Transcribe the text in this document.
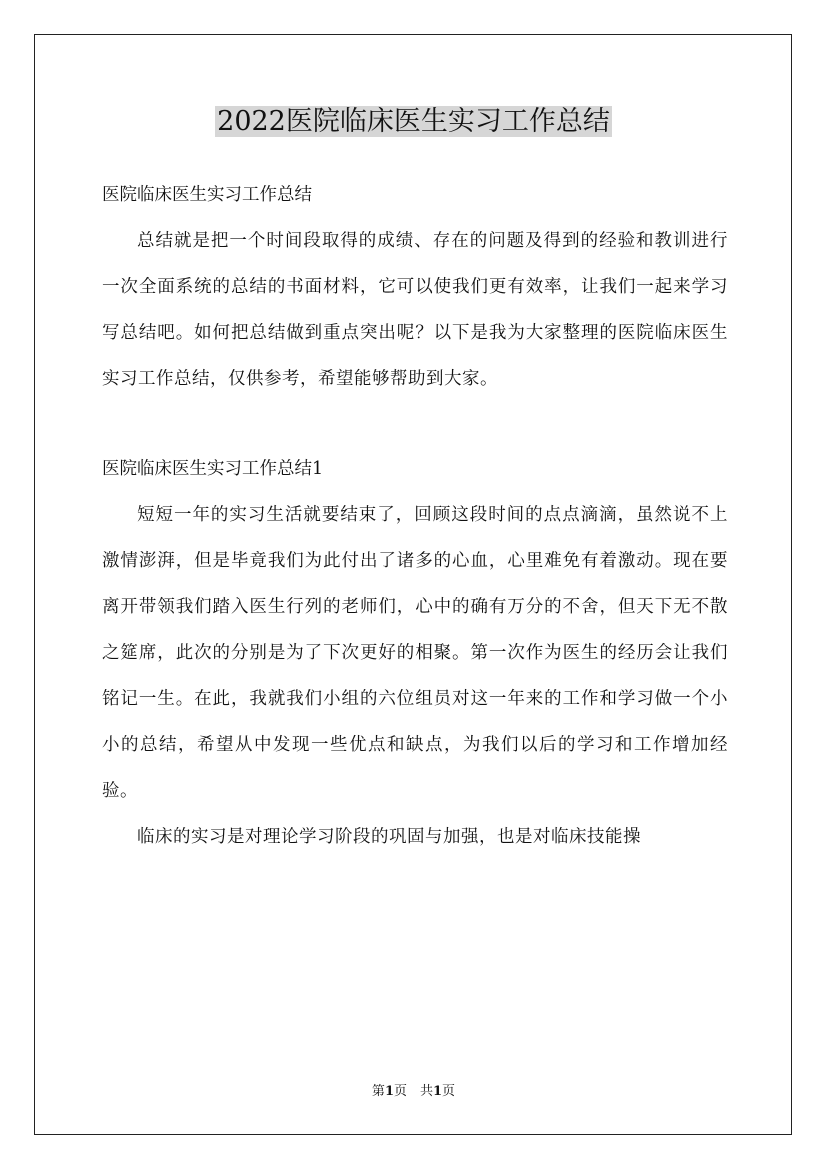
2022医院临床医生实习工作总结
医院临床医生实习工作总结

总结就是把一个时间段取得的成绩、存在的问题及得到的经验和教训进行一次全面系统的总结的书面材料，它可以使我们更有效率，让我们一起来学习写总结吧。如何把总结做到重点突出呢？以下是我为大家整理的医院临床医生实习工作总结，仅供参考，希望能够帮助到大家。

医院临床医生实习工作总结1

短短一年的实习生活就要结束了，回顾这段时间的点点滴滴，虽然说不上激情澎湃，但是毕竟我们为此付出了诸多的心血，心里难免有着激动。现在要离开带领我们踏入医生行列的老师们，心中的确有万分的不舍，但天下无不散之筵席，此次的分别是为了下次更好的相聚。第一次作为医生的经历会让我们铭记一生。在此，我就我们小组的六位组员对这一年来的工作和学习做一个小小的总结，希望从中发现一些优点和缺点，为我们以后的学习和工作增加经验。

临床的实习是对理论学习阶段的巩固与加强，也是对临床技能操

第1页　共1页
